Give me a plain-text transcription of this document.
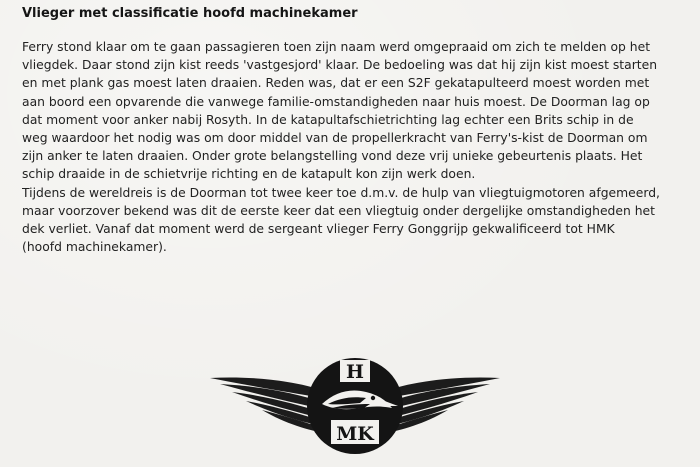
Vlieger met classificatie hoofd machinekamer
Ferry stond klaar om te gaan passagieren toen zijn naam werd omgepraaid om zich te melden op het
vliegdek. Daar stond zijn kist reeds 'vastgesjord' klaar. De bedoeling was dat hij zijn kist moest starten
en met plank gas moest laten draaien. Reden was, dat er een S2F gekatapulteerd moest worden met
aan boord een opvarende die vanwege familie-omstandigheden naar huis moest. De Doorman lag op
dat moment voor anker nabij Rosyth. In de katapultafschietrichting lag echter een Brits schip in de
weg waardoor het nodig was om door middel van de propellerkracht van Ferry's-kist de Doorman om
zijn anker te laten draaien. Onder grote belangstelling vond deze vrij unieke gebeurtenis plaats. Het
schip draaide in de schietvrije richting en de katapult kon zijn werk doen.
Tijdens de wereldreis is de Doorman tot twee keer toe d.m.v. de hulp van vliegtuigmotoren afgemeerd,
maar voorzover bekend was dit de eerste keer dat een vliegtuig onder dergelijke omstandigheden het
dek verliet. Vanaf dat moment werd de sergeant vlieger Ferry Gonggrijp gekwalificeerd tot HMK
(hoofd machinekamer).
H
MK
